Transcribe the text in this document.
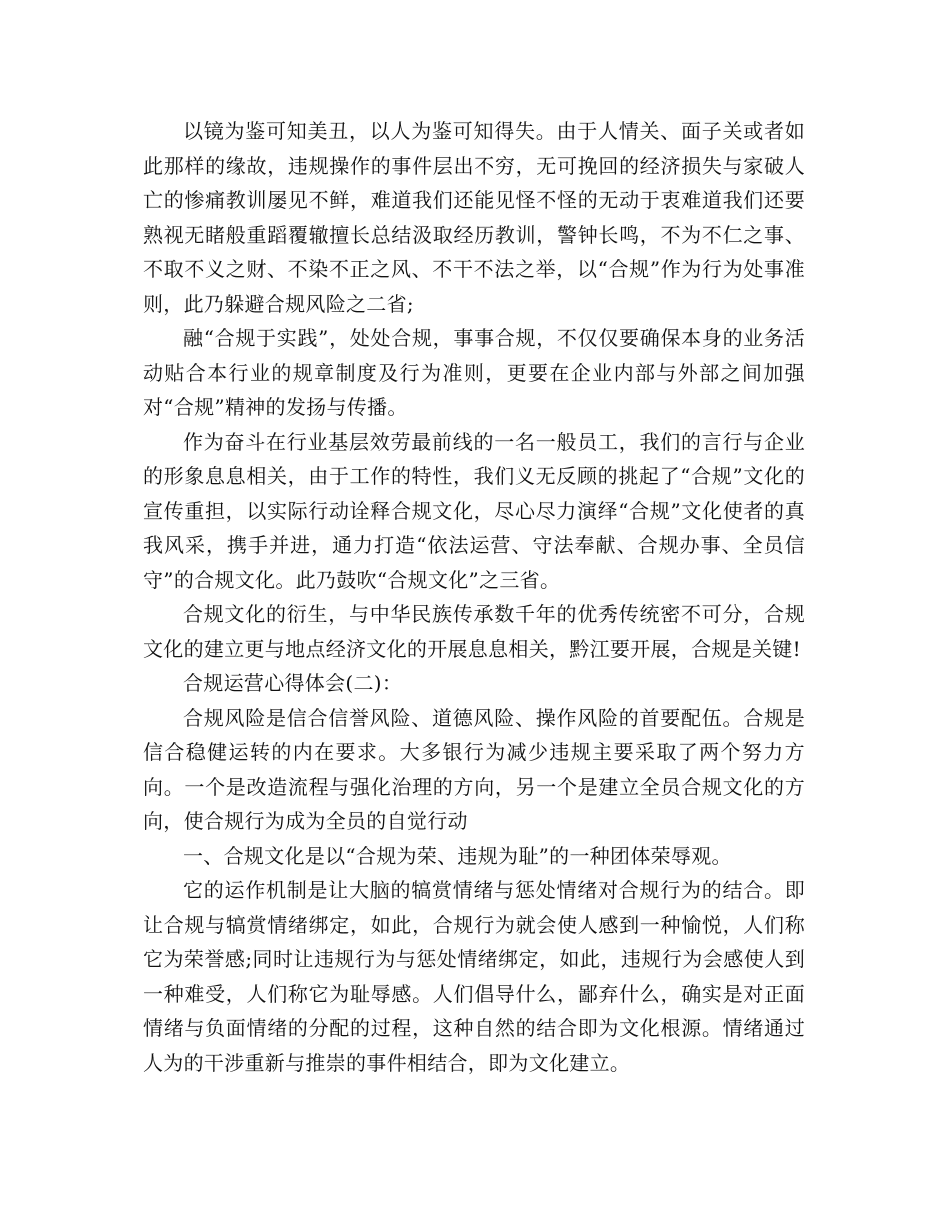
以镜为鉴可知美丑，以人为鉴可知得失。由于人情关、面子关或者如此那样的缘故，违规操作的事件层出不穷，无可挽回的经济损失与家破人亡的惨痛教训屡见不鲜，难道我们还能见怪不怪的无动于衷难道我们还要熟视无睹般重蹈覆辙擅长总结汲取经历教训，警钟长鸣，不为不仁之事、不取不义之财、不染不正之风、不干不法之举，以“合规”作为行为处事准则，此乃躲避合规风险之二省;

融“合规于实践”，处处合规，事事合规，不仅仅要确保本身的业务活动贴合本行业的规章制度及行为准则，更要在企业内部与外部之间加强对“合规”精神的发扬与传播。

作为奋斗在行业基层效劳最前线的一名一般员工，我们的言行与企业的形象息息相关，由于工作的特性，我们义无反顾的挑起了“合规”文化的宣传重担，以实际行动诠释合规文化，尽心尽力演绎“合规”文化使者的真我风采，携手并进，通力打造“依法运营、守法奉献、合规办事、全员信守”的合规文化。此乃鼓吹“合规文化”之三省。

合规文化的衍生，与中华民族传承数千年的优秀传统密不可分，合规文化的建立更与地点经济文化的开展息息相关，黔江要开展，合规是关键!

合规运营心得体会(二)：

合规风险是信合信誉风险、道德风险、操作风险的首要配伍。合规是信合稳健运转的内在要求。大多银行为减少违规主要采取了两个努力方向。一个是改造流程与强化治理的方向，另一个是建立全员合规文化的方向，使合规行为成为全员的自觉行动

一、合规文化是以“合规为荣、违规为耻”的一种团体荣辱观。

它的运作机制是让大脑的犒赏情绪与惩处情绪对合规行为的结合。即让合规与犒赏情绪绑定，如此，合规行为就会使人感到一种愉悦，人们称它为荣誉感;同时让违规行为与惩处情绪绑定，如此，违规行为会感使人到一种难受，人们称它为耻辱感。人们倡导什么，鄙弃什么，确实是对正面情绪与负面情绪的分配的过程，这种自然的结合即为文化根源。情绪通过人为的干涉重新与推崇的事件相结合，即为文化建立。
